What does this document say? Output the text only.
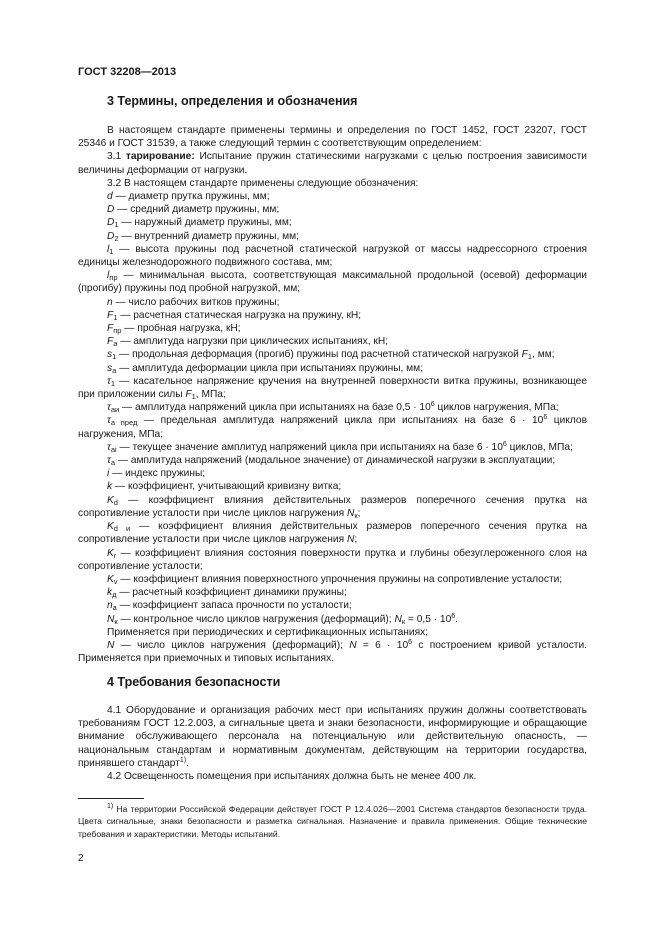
ГОСТ 32208—2013
3 Термины, определения и обозначения

В настоящем стандарте применены термины и определения по ГОСТ 1452, ГОСТ 23207, ГОСТ 25346 и ГОСТ 31539, а также следующий термин с соответствующим определением:

3.1 тарирование: Испытание пружин статическими нагрузками с целью построения зависимости величины деформации от нагрузки.

3.2 В настоящем стандарте применены следующие обозначения:

d — диаметр прутка пружины, мм;

D — средний диаметр пружины, мм;

$D_1$ — наружный диаметр пружины, мм;

$D_2$ — внутренний диаметр пружины, мм;

$l_1$ — высота пружины под расчетной статической нагрузкой от массы надрессорного строения единицы железнодорожного подвижного состава, мм;

$l_{пр}$ — минимальная высота, соответствующая максимальной продольной (осевой) деформации (прогибу) пружины под пробной нагрузкой, мм;

n — число рабочих витков пружины;

$F_1$ — расчетная статическая нагрузка на пружину, кН;

$F_{пр}$ — пробная нагрузка, кН;

$F_a$ — амплитуда нагрузки при циклических испытаниях, кН;

$s_1$ — продольная деформация (прогиб) пружины под расчетной статической нагрузкой $F_1$, мм;

$s_a$ — амплитуда деформации цикла при испытаниях пружины, мм;

$\tau_1$ — касательное напряжение кручения на внутренней поверхности витка пружины, возникающее при приложении силы $F_1$, МПа;

$\tau_{аи}$ — амплитуда напряжений цикла при испытаниях на базе $0,5 \cdot 10^6$ циклов нагружения, МПа;

$\tau_{а пред}$ — предельная амплитуда напряжений цикла при испытаниях на базе $6 \cdot 10^6$ циклов нагружения, МПа;

$\tau_{ai}$ — текущее значение амплитуд напряжений цикла при испытаниях на базе $6 \cdot 10^6$ циклов, МПа;

$\tau_a$ — амплитуда напряжений (модальное значение) от динамической нагрузки в эксплуатации;

i — индекс пружины;

k — коэффициент, учитывающий кривизну витка;

$K_d$ — коэффициент влияния действительных размеров поперечного сечения прутка на сопротивление усталости при числе циклов нагружения $N_к$;

$K_{d и}$ — коэффициент влияния действительных размеров поперечного сечения прутка на сопротивление усталости при числе циклов нагружения N;

$K_r$ — коэффициент влияния состояния поверхности прутка и глубины обезуглероженного слоя на сопротивление усталости;

$K_v$ — коэффициент влияния поверхностного упрочнения пружины на сопротивление усталости;

$k_д$ — расчетный коэффициент динамики пружины;

$n_a$ — коэффициент запаса прочности по усталости;

$N_к$ — контрольное число циклов нагружения (деформаций); $N_к = 0,5 \cdot 10^6$.

Применяется при периодических и сертификационных испытаниях;

N — число циклов нагружения (деформаций); $N = 6 \cdot 10^6$ с построением кривой усталости. Применяется при приемочных и типовых испытаниях.

4 Требования безопасности

4.1 Оборудование и организация рабочих мест при испытаниях пружин должны соответствовать требованиям ГОСТ 12.2.003, а сигнальные цвета и знаки безопасности, информирующие и обращающие внимание обслуживающего персонала на потенциальную или действительную опасность, — национальным стандартам и нормативным документам, действующим на территории государства, принявшего стандарт$^{1)}$.

4.2 Освещенность помещения при испытаниях должна быть не менее 400 лк.

$^{1)}$ На территории Российской Федерации действует ГОСТ Р 12.4.026—2001 Система стандартов безопасности труда. Цвета сигнальные, знаки безопасности и разметка сигнальная. Назначение и правила применения. Общие технические требования и характеристики. Методы испытаний.

2
